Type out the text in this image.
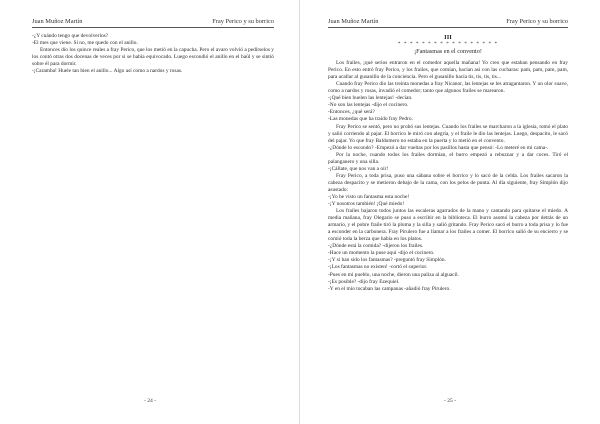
Juan Muñoz Martín	Fray Perico y su borrico

-¿Y cuándo tengo que devolverlos?

-El mes que viene. Si no, me quedo con el anillo.

Entonces dio los quince reales a fray Perico, que los metió en la capucha. Pero el avaro volvió a pedírselos y los contó otras dos docenas de veces por si se había equivocado. Luego escondió el anillo en el baúl y se sintió sobre él para dormir.

-¡Caramba! Huele tan bien el anillo... Algo así como a nardos y rosas.

- 24 -
Juan Muñoz Martín	Fray Perico y su borrico
III
* * * * * * * * * * * * * * * * *
¡Fantasmas en el convento!

Los frailes, ¡qué serios entraron en el comedor aquella mañana! Yo creo que estaban pensando en fray Perico. En esto entró fray Perico, y los frailes, que comían, hacían así con las cucharas: pam, pam, pam, pam, para acallar al gusanillo de la conciencia. Pero el gusanillo hacía tis, tis, tis, tis...

Cuando fray Perico dio las treinta monedas a fray Nicanor, las lentejas se les atragantaron. Y un olor suave, como a nardos y rosas, invadió el comedor; tanto que algunos frailes se marearon.

-¡Qué bien huelen las lentejas! -decían.

-No son las lentejas -dijo el cocinero.

-Entonces, ¿qué será?

-Las monedas que ha traído fray Pedro.

Fray Perico se sentó, pero no probó sus lentejas. Cuando los frailes se marcharon a la iglesia, tomó el plato y salió corriendo al pajar. El borrico le miró con alegría, y el fraile le dio las lentejas. Luego, despacito, le sacó del pajar. Yo que fray Baldomero no estaba en la puerta y lo metió en el convento.

-¿Dónde lo escondo? -Empezó a dar vueltas por los pasillos hasta que pensó: -Lo meteré en mi cama-.

Por la noche, cuando todos los frailes dormían, el burro empezó a rebuznar y a dar coces. Tiró el palanganero y una silla.

-¡Cállate, que nos van a oír!

Fray Perico, a toda prisa, puso una sábana sobre el borrico y lo sacó de la celda. Los frailes sacaron la cabeza despacito y se metieron debajo de la cama, con los pelos de punta. Al día siguiente, fray Simplón dijo asustado:

-¡Yo he visto un fantasma esta noche!

-¡Y nosotros también! ¡Qué miedo!

Los frailes bajaron todos juntos las escaleras agarrados de la mano y cantando para quitarse el miedo. A media mañana, fray Olegario se puso a escribir en la biblioteca. El burro asomó la cabeza por detrás de un armario, y el pobre fraile tiró la pluma y la silla y salió gritando. Fray Perico sacó el burro a toda prisa y lo fue a esconder en la carbonera. Fray Pirulero fue a llamar a los frailes a comer. El borrico salió de su encierro y se comió toda la berza que había en los platos.

-¿Dónde está la comida? -dijeron los frailes.

-Hace un momento la puse aquí -dijo el cocinero.

-¡Y si han sido los fantasmas? -preguntó fray Simplón.

-¡Los fantasmas no existen! -cortó el superior.

-Pues en mi pueblo, una noche, dieron una paliza al alguacil.

-¡Es posible? -dijo fray Ezequiel.

-Y en el mío tocaban las campanas -añadió fray Pirulero.

- 25 -
